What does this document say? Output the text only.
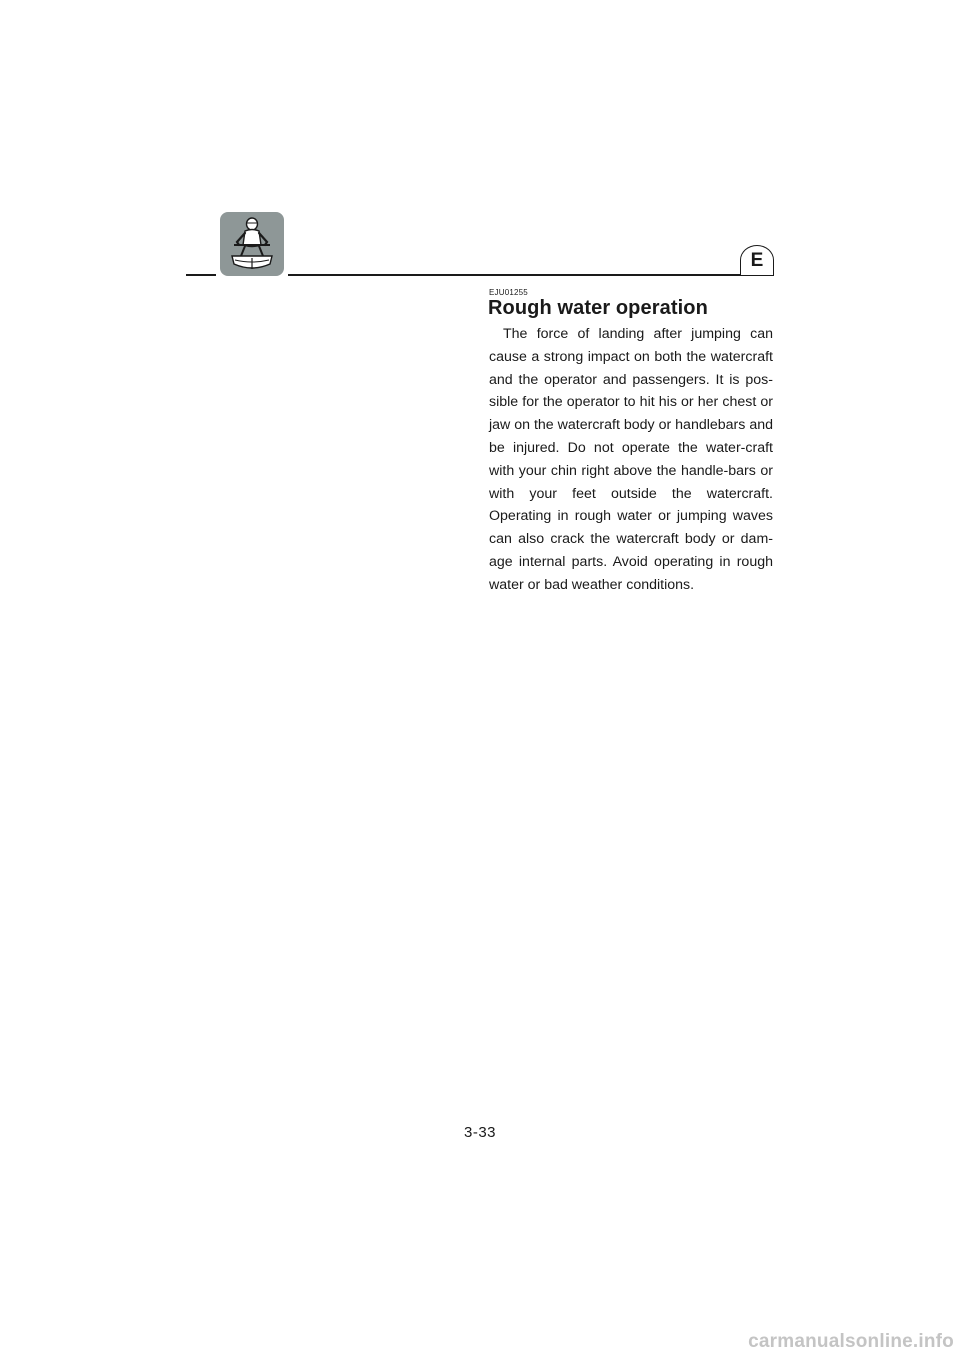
E
EJU01255
Rough water operation

The force of landing after jumping can cause a strong impact on both the watercraft and the operator and passengers. It is pos-sible for the operator to hit his or her chest or jaw on the watercraft body or handlebars and be injured. Do not operate the water-craft with your chin right above the handle-bars or with your feet outside the watercraft. Operating in rough water or jumping waves can also crack the watercraft body or dam-age internal parts. Avoid operating in rough water or bad weather conditions.

3-33
carmanualsonline.info
